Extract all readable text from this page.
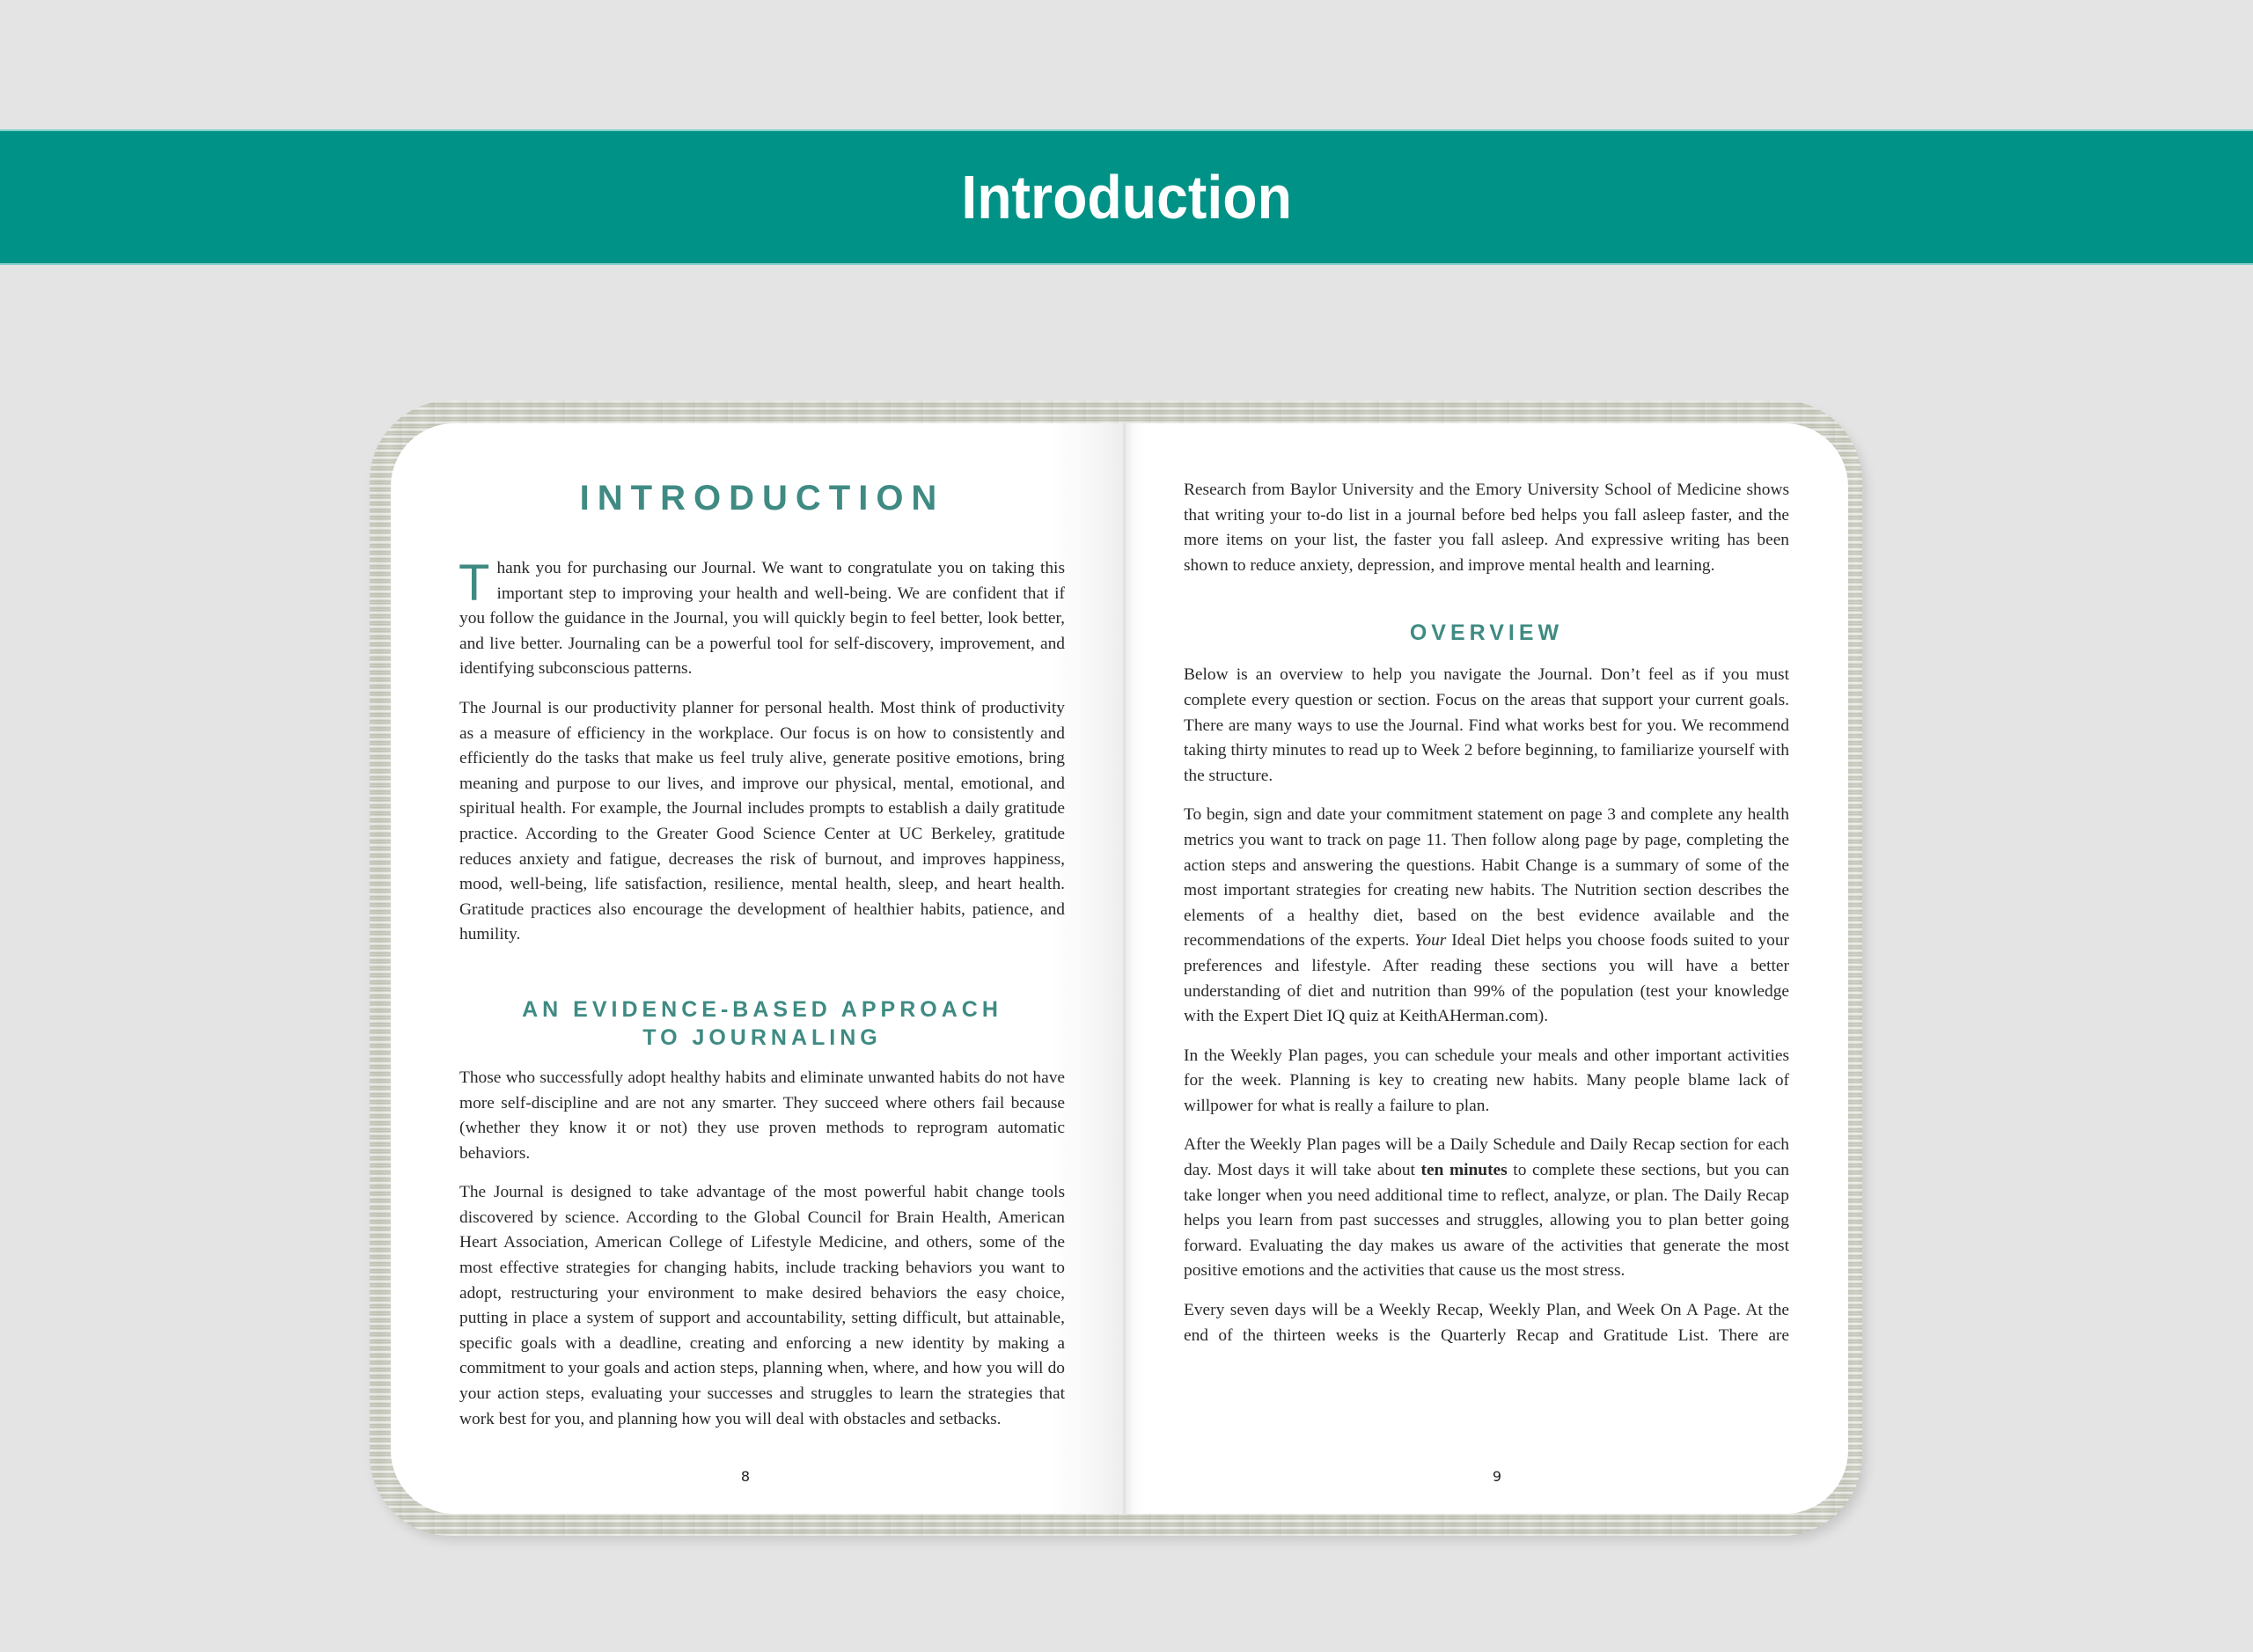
Introduction
INTRODUCTION

Thank you for purchasing our Journal. We want to congratulate you on taking this important step to improving your health and well-being. We are confident that if you follow the guidance in the Journal, you will quickly begin to feel better, look better, and live better. Journaling can be a powerful tool for self-discovery, improvement, and identifying subconscious patterns.

The Journal is our productivity planner for personal health. Most think of productivity as a measure of efficiency in the workplace. Our focus is on how to consistently and efficiently do the tasks that make us feel truly alive, generate positive emotions, bring meaning and purpose to our lives, and improve our physical, mental, emotional, and spiritual health. For example, the Journal includes prompts to establish a daily gratitude practice. According to the Greater Good Science Center at UC Berkeley, gratitude reduces anxiety and fatigue, decreases the risk of burnout, and improves happiness, mood, well-being, life satisfaction, resilience, mental health, sleep, and heart health. Gratitude practices also encourage the development of healthier habits, patience, and humility.

AN EVIDENCE-BASED APPROACH
TO JOURNALING

Those who successfully adopt healthy habits and eliminate unwanted habits do not have more self-discipline and are not any smarter. They succeed where others fail because (whether they know it or not) they use proven methods to reprogram automatic behaviors.

The Journal is designed to take advantage of the most powerful habit change tools discovered by science. According to the Global Council for Brain Health, American Heart Association, American College of Lifestyle Medicine, and others, some of the most effective strategies for changing habits, include tracking behaviors you want to adopt, restructuring your environment to make desired behaviors the easy choice, putting in place a system of support and accountability, setting difficult, but attainable, specific goals with a deadline, creating and enforcing a new identity by making a commitment to your goals and action steps, planning when, where, and how you will do your action steps, evaluating your successes and struggles to learn the strategies that work best for you, and planning how you will deal with obstacles and setbacks.

8

Research from Baylor University and the Emory University School of Medicine shows that writing your to-do list in a journal before bed helps you fall asleep faster, and the more items on your list, the faster you fall asleep. And expressive writing has been shown to reduce anxiety, depression, and improve mental health and learning.

OVERVIEW

Below is an overview to help you navigate the Journal. Don’t feel as if you must complete every question or section. Focus on the areas that support your current goals. There are many ways to use the Journal. Find what works best for you. We recommend taking thirty minutes to read up to Week 2 before beginning, to familiarize yourself with the structure.

To begin, sign and date your commitment statement on page 3 and complete any health metrics you want to track on page 11. Then follow along page by page, completing the action steps and answering the questions. Habit Change is a summary of some of the most important strategies for creating new habits. The Nutrition section describes the elements of a healthy diet, based on the best evidence available and the recommendations of the experts. Your Ideal Diet helps you choose foods suited to your preferences and lifestyle. After reading these sections you will have a better understanding of diet and nutrition than 99% of the population (test your knowledge with the Expert Diet IQ quiz at KeithAHerman.com).

In the Weekly Plan pages, you can schedule your meals and other important activities for the week. Planning is key to creating new habits. Many people blame lack of willpower for what is really a failure to plan.

After the Weekly Plan pages will be a Daily Schedule and Daily Recap section for each day. Most days it will take about ten minutes to complete these sections, but you can take longer when you need additional time to reflect, analyze, or plan. The Daily Recap helps you learn from past successes and struggles, allowing you to plan better going forward. Evaluating the day makes us aware of the activities that generate the most positive emotions and the activities that cause us the most stress.

Every seven days will be a Weekly Recap, Weekly Plan, and Week On A Page. At the end of the thirteen weeks is the Quarterly Recap and Gratitude List. There are

9
